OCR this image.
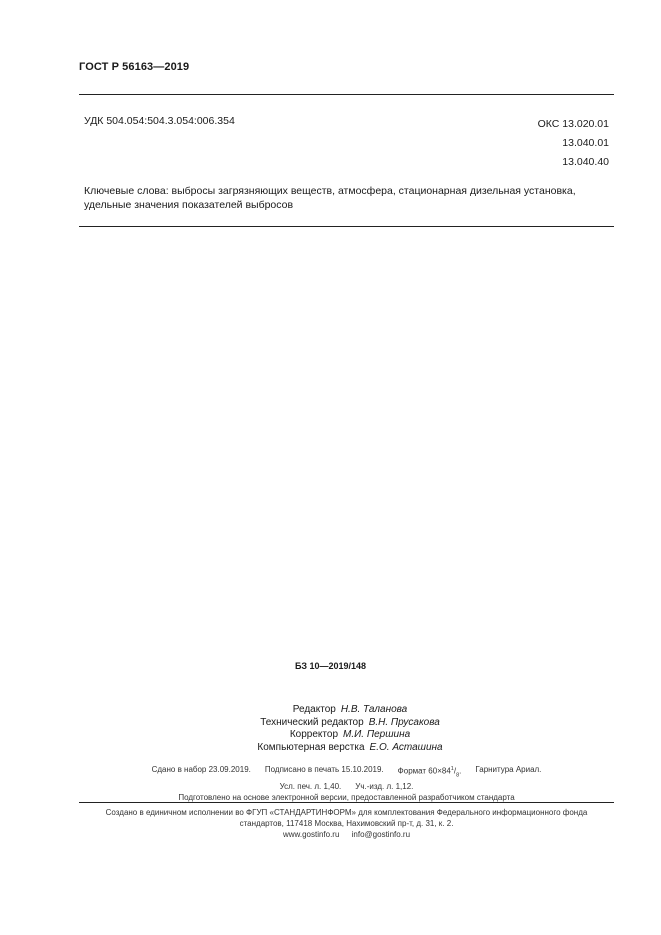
ГОСТ Р 56163—2019
УДК 504.054:504.3.054:006.354	ОКС 13.020.01
13.040.01
13.040.40
Ключевые слова: выбросы загрязняющих веществ, атмосфера, стационарная дизельная установка, удельные значения показателей выбросов
БЗ 10—2019/148
Редактор Н.В. Таланова
Технический редактор В.Н. Прусакова
Корректор М.И. Першина
Компьютерная верстка Е.О. Асташина
Сдано в набор 23.09.2019. Подписано в печать 15.10.2019. Формат $60\times 84^1/_8$. Гарнитура Ариал.
Усл. печ. л. 1,40. Уч.-изд. л. 1,12.
Подготовлено на основе электронной версии, предоставленной разработчиком стандарта
Создано в единичном исполнении во ФГУП «СТАНДАРТИНФОРМ» для комплектования Федерального информационного фонда
стандартов, 117418 Москва, Нахимовский пр-т, д. 31, к. 2.
www.gostinfo.ru info@gostinfo.ru
